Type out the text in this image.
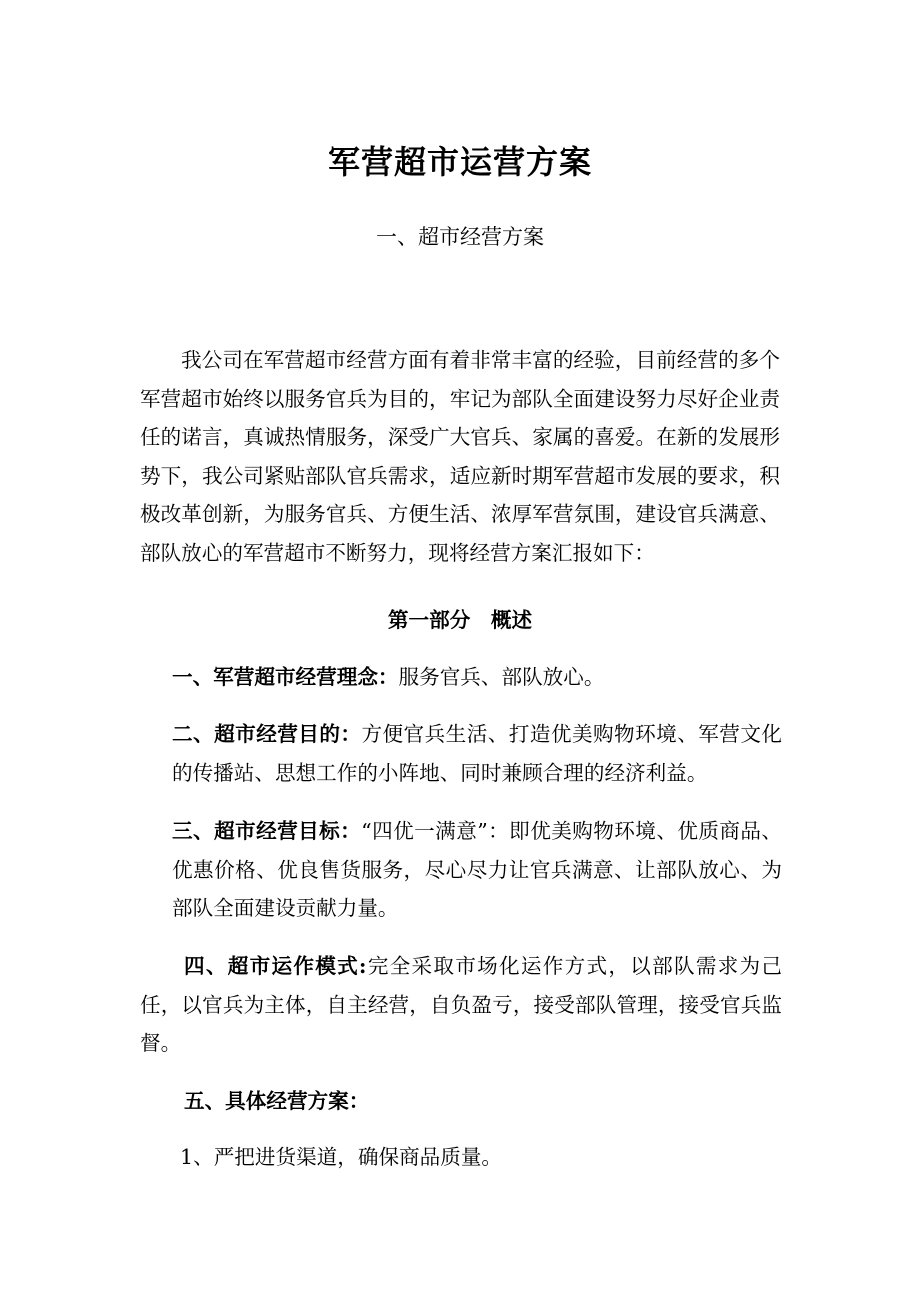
军营超市运营方案
一、超市经营方案

我公司在军营超市经营方面有着非常丰富的经验，目前经营的多个军营超市始终以服务官兵为目的，牢记为部队全面建设努力尽好企业责任的诺言，真诚热情服务，深受广大官兵、家属的喜爱。在新的发展形势下，我公司紧贴部队官兵需求，适应新时期军营超市发展的要求，积极改革创新，为服务官兵、方便生活、浓厚军营氛围，建设官兵满意、部队放心的军营超市不断努力，现将经营方案汇报如下：

第一部分　概述

一、军营超市经营理念：服务官兵、部队放心。

二、超市经营目的：方便官兵生活、打造优美购物环境、军营文化的传播站、思想工作的小阵地、同时兼顾合理的经济利益。

三、超市经营目标：“四优一满意”：即优美购物环境、优质商品、优惠价格、优良售货服务，尽心尽力让官兵满意、让部队放心、为部队全面建设贡献力量。

四、超市运作模式:完全采取市场化运作方式，以部队需求为己任，以官兵为主体，自主经营，自负盈亏，接受部队管理，接受官兵监督。

五、具体经营方案：

1、严把进货渠道，确保商品质量。
